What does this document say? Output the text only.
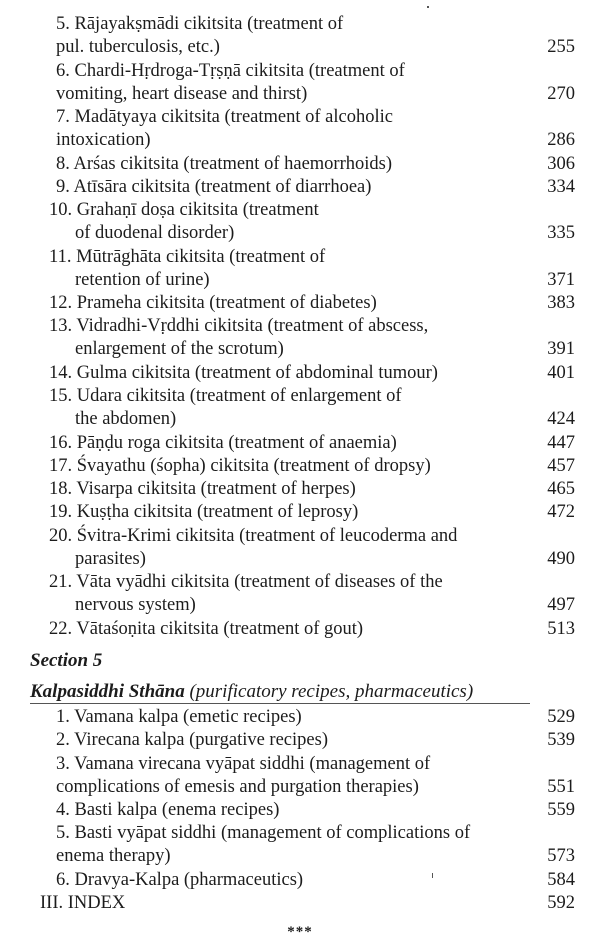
5. Rājayakṣmādi cikitsita (treatment of
pul. tuberculosis, etc.)	255
6. Chardi-Hṛdroga-Tṛṣṇā cikitsita (treatment of
vomiting, heart disease and thirst)	270
7. Madātyaya cikitsita (treatment of alcoholic
intoxication)	286
8. Arśas cikitsita (treatment of haemorrhoids)	306
9. Atīsāra cikitsita (treatment of diarrhoea)	334
10. Grahaṇī doṣa cikitsita (treatment
of duodenal disorder)	335
11. Mūtrāghāta cikitsita (treatment of
retention of urine)	371
12. Prameha cikitsita (treatment of diabetes)	383
13. Vidradhi-Vṛddhi cikitsita (treatment of abscess,
enlargement of the scrotum)	391
14. Gulma cikitsita (treatment of abdominal tumour)	401
15. Udara cikitsita (treatment of enlargement of
the abdomen)	424
16. Pāṇḍu roga cikitsita (treatment of anaemia)	447
17. Śvayathu (śopha) cikitsita (treatment of dropsy)	457
18. Visarpa cikitsita (treatment of herpes)	465
19. Kuṣṭha cikitsita (treatment of leprosy)	472
20. Śvitra-Krimi cikitsita (treatment of leucoderma and
parasites)	490
21. Vāta vyādhi cikitsita (treatment of diseases of the
nervous system)	497
22. Vātaśoṇita cikitsita (treatment of gout)	513
Section 5
Kalpasiddhi Sthāna (purificatory recipes, pharmaceutics)
1. Vamana kalpa (emetic recipes)	529
2. Virecana kalpa (purgative recipes)	539
3. Vamana virecana vyāpat siddhi (management of
complications of emesis and purgation therapies)	551
4. Basti kalpa (enema recipes)	559
5. Basti vyāpat siddhi (management of complications of
enema therapy)	573
6. Dravya-Kalpa (pharmaceutics)	584
III. INDEX	592
***
